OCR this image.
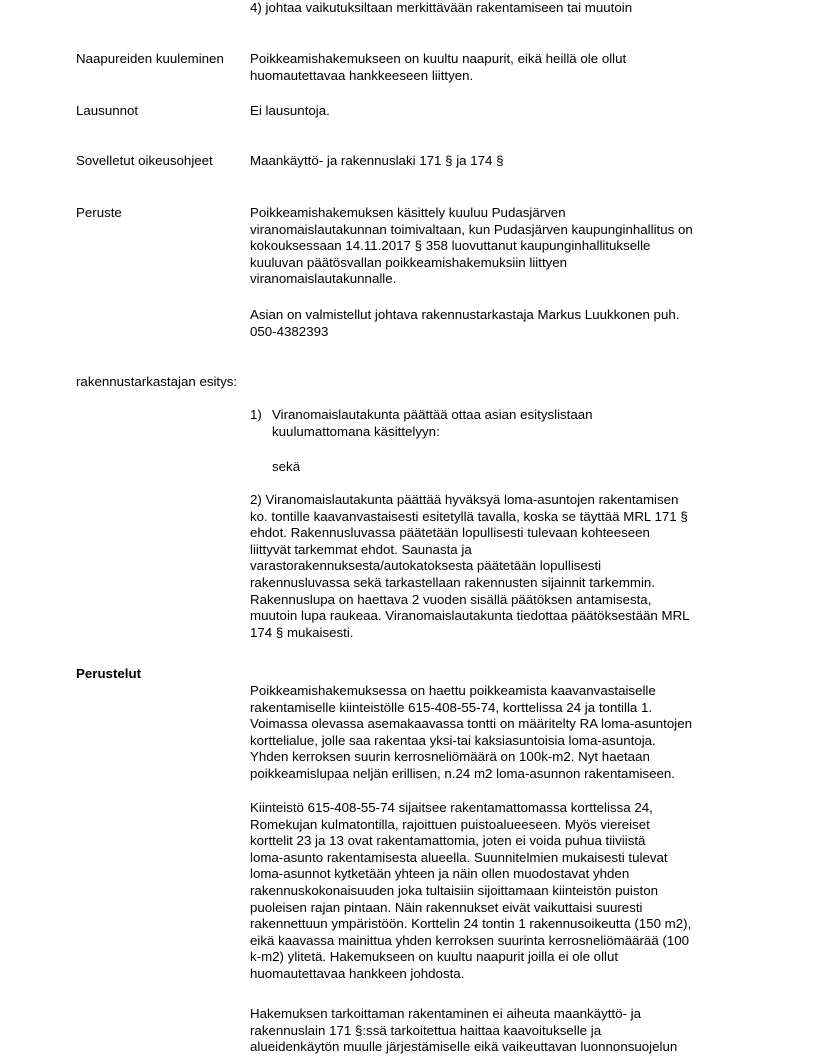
4) johtaa vaikutuksiltaan merkittävään rakentamiseen tai muutoin
Naapureiden kuuleminen Poikkeamishakemukseen on kuultu naapurit, eikä heillä ole ollut
huomautettavaa hankkeeseen liittyen.
Lausunnot	Ei lausuntoja.
Sovelletut oikeusohjeet	Maankäyttö- ja rakennuslaki 171 § ja 174 §
Peruste	Poikkeamishakemuksen käsittely kuuluu Pudasjärven
viranomaislautakunnan toimivaltaan, kun Pudasjärven kaupunginhallitus on
kokouksessaan 14.11.2017 § 358 luovuttanut kaupunginhallitukselle
kuuluvan päätösvallan poikkeamishakemuksiin liittyen
viranomaislautakunnalle.
Asian on valmistellut johtava rakennustarkastaja Markus Luukkonen puh.
050-4382393
rakennustarkastajan esitys:
1) Viranomaislautakunta päättää ottaa asian esityslistaan
kuulumattomana käsittelyyn:
sekä
2) Viranomaislautakunta päättää hyväksyä loma-asuntojen rakentamisen
ko. tontille kaavanvastaisesti esitetyllä tavalla, koska se täyttää MRL 171 §
ehdot. Rakennusluvassa päätetään lopullisesti tulevaan kohteeseen
liittyvät tarkemmat ehdot. Saunasta ja
varastorakennuksesta/autokatoksesta päätetään lopullisesti
rakennusluvassa sekä tarkastellaan rakennusten sijainnit tarkemmin.
Rakennuslupa on haettava 2 vuoden sisällä päätöksen antamisesta,
muutoin lupa raukeaa. Viranomaislautakunta tiedottaa päätöksestään MRL
174 § mukaisesti.
Perustelut
Poikkeamishakemuksessa on haettu poikkeamista kaavanvastaiselle
rakentamiselle kiinteistölle 615-408-55-74, korttelissa 24 ja tontilla 1.
Voimassa olevassa asemakaavassa tontti on määritelty RA loma-asuntojen
korttelialue, jolle saa rakentaa yksi-tai kaksiasuntoisia loma-asuntoja.
Yhden kerroksen suurin kerrosneliömäärä on 100k-m2. Nyt haetaan
poikkeamislupaa neljän erillisen, n.24 m2 loma-asunnon rakentamiseen.
Kiinteistö 615-408-55-74 sijaitsee rakentamattomassa korttelissa 24,
Romekujan kulmatontilla, rajoittuen puistoalueeseen. Myös viereiset
korttelit 23 ja 13 ovat rakentamattomia, joten ei voida puhua tiiviistä
loma-asunto rakentamisesta alueella. Suunnitelmien mukaisesti tulevat
loma-asunnot kytketään yhteen ja näin ollen muodostavat yhden
rakennuskokonaisuuden joka tultaisiin sijoittamaan kiinteistön puiston
puoleisen rajan pintaan. Näin rakennukset eivät vaikuttaisi suuresti
rakennettuun ympäristöön. Korttelin 24 tontin 1 rakennusoikeutta (150 m2),
eikä kaavassa mainittua yhden kerroksen suurinta kerrosneliömäärää (100
k-m2) ylitetä. Hakemukseen on kuultu naapurit joilla ei ole ollut
huomautettavaa hankkeen johdosta.
Hakemuksen tarkoittaman rakentaminen ei aiheuta maankäyttö- ja
rakennuslain 171 §:ssä tarkoitettua haittaa kaavoitukselle ja
alueidenkäytön muulle järjestämiselle eikä vaikeuttavan luonnonsuojelun
